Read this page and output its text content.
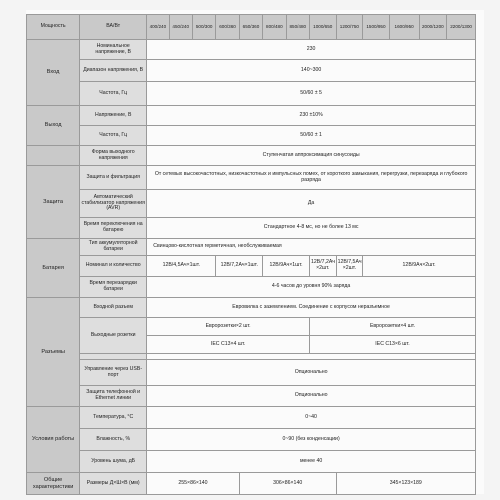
Мощность	ВА/Вт	400/240	450/240	500/300	600/360	650/360	800/480	850/480	1000/650	1200/750	1500/950	1600/950	2000/1200	2200/1300
Вход	Номинальное напряжение, В	230												
	Диапазон напряжения, В	140~300												
	Частота, Гц	50/60 ± 5												
Выход	Напряжение, В	230 ±10%												
	Частота, Гц	50/60 ± 1												
	Форма выходного напряжения	Ступенчатая аппроксимация синусоиды												
Защита	Защита и фильтрация	От сетевых высокочастотных, низкочастотных и импульсных помех, от короткого замыкания, перегрузки, перезаряда и глубокого разряда												
	Автоматический стабилизатор напряжения (AVR)	Да												
	Время переключения на батарею	Стандартное 4-8 мс, но не более 13 мс												
Батарея	Тип аккумуляторной батареи	Свинцово-кислотная герметичная, необслуживаемая												
	Номинал и количество	12В/4,5Ач×1шт.			12В/7,2Ач×1шт.		12В/9Ач×1шт.		12В/7,2Ач ×2шт.	12В/7,5Ач ×2шт.	12В/9Ач×2шт.			
	Время перезарядки батареи	4-6 часов до уровня 90% заряда												
Разъемы	Входной разъем	Евровилка с заземлением. Соединение с корпусом неразъемное												
	Выходные розетки	Евророзетки×2 шт.							Евророзетки×4 шт.					
		IEC C13×4 шт.							IEC C13×6 шт.					

	Управление через USB-порт	Опционально												
	Защита телефонной и Ethernet линии	Опционально												
Условия работы	Температура, °С	0~40												
	Влажность, %	0~90 (без конденсации)												
	Уровень шума, дБ	менее 40												
Общие характеристики	Размеры Д×Ш×В (мм)	255×86×140				306×86×140				345×123×189				
